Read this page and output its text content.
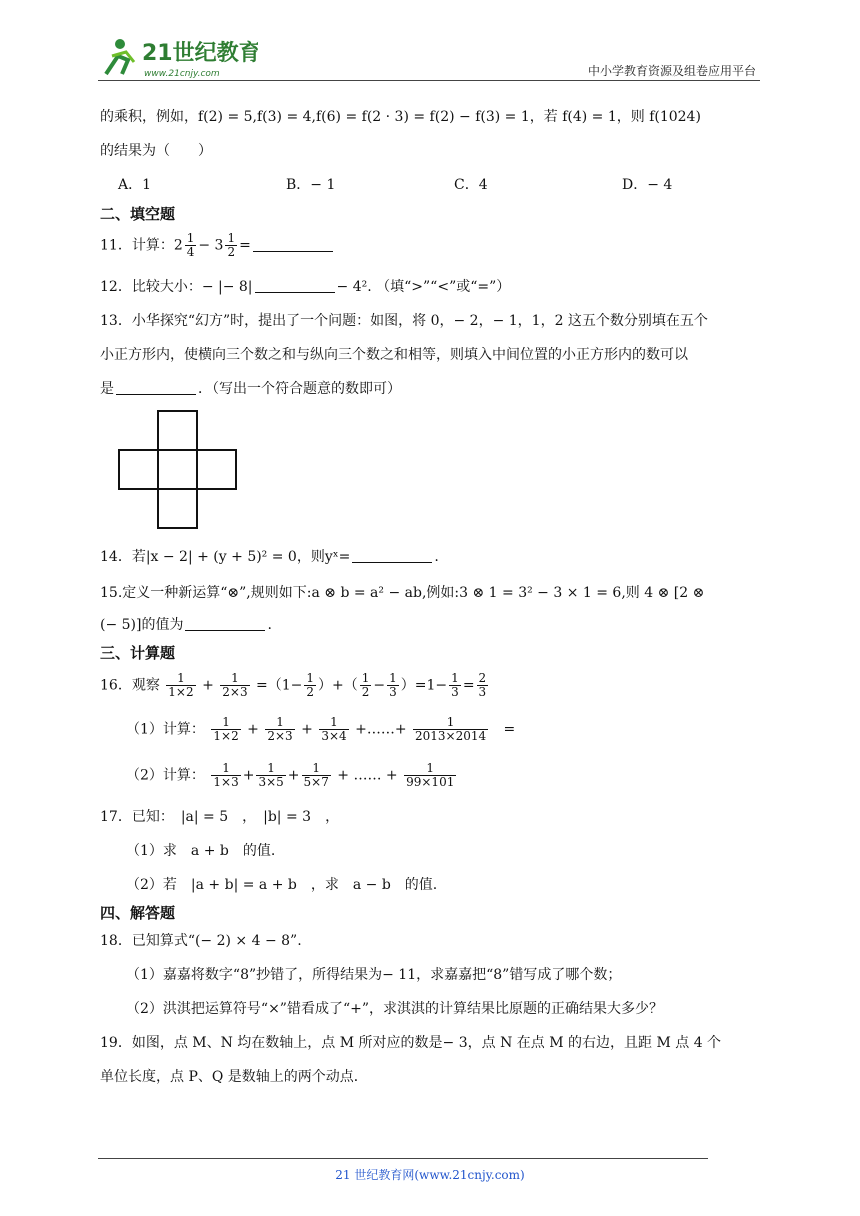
21世纪教育
www.21cnjy.com	中小学教育资源及组卷应用平台
的乘积，例如，f(2) = 5,f(3) = 4,f(6) = f(2 · 3) = f(2) − f(3) = 1，若 f(4) = 1，则 f(1024)
的结果为（　　）
A．1	B．− 1	C．4	D．− 4
二、填空题
11．计算：$2 \frac{1}{4} - 3 \frac{1}{2}$ =
12．比较大小：− |− 8|	− 4². （填“>”“<”或“=”）
13．小华探究“幻方”时，提出了一个问题：如图，将 0，− 2，− 1，1，2 这五个数分别填在五个
小正方形内，使横向三个数之和与纵向三个数之和相等，则填入中间位置的小正方形内的数可以
是	．（写出一个符合题意的数即可）
14．若|x − 2| + (y + 5)² = 0，则yˣ=	.
15.定义一种新运算“⊗”,规则如下:a ⊗ b = a² − ab,例如:3 ⊗ 1 = 3² − 3 × 1 = 6,则 4 ⊗ [2 ⊗
(− 5)]的值为	.
三、计算题
16．观察 $\frac{1}{1\times 2} + \frac{1}{2\times 3} =(1- \frac{1}{2}$ ）+（ $\frac{1}{2} - \frac{1}{3} )=1- \frac{1}{3} = \frac{2}{3}$
（1）计算： $\frac{1}{1\times 2} + \frac{1}{2\times 3} + \frac{1}{3\times 4}$ +……+ $\frac{1}{2013\times 2014}$ =
（2）计算： $\frac{1}{1\times 3} + \frac{1}{3\times 5} + \frac{1}{5\times 7}$ + …… + $\frac{1}{99\times 101}$
17．已知：　|a| = 5　，　|b| = 3　，
（1）求　a + b　的值.
（2）若　|a + b| = a + b　，求　a − b　的值.
四、解答题
18．已知算式“(− 2) × 4 − 8”.
（1）嘉嘉将数字“8”抄错了，所得结果为− 11，求嘉嘉把“8”错写成了哪个数；
（2）洪淇把运算符号“×”错看成了“+”，求淇淇的计算结果比原题的正确结果大多少？
19．如图，点 M、N 均在数轴上，点 M 所对应的数是− 3，点 N 在点 M 的右边，且距 M 点 4 个
单位长度，点 P、Q 是数轴上的两个动点．
21 世纪教育网(www.21cnjy.com)
